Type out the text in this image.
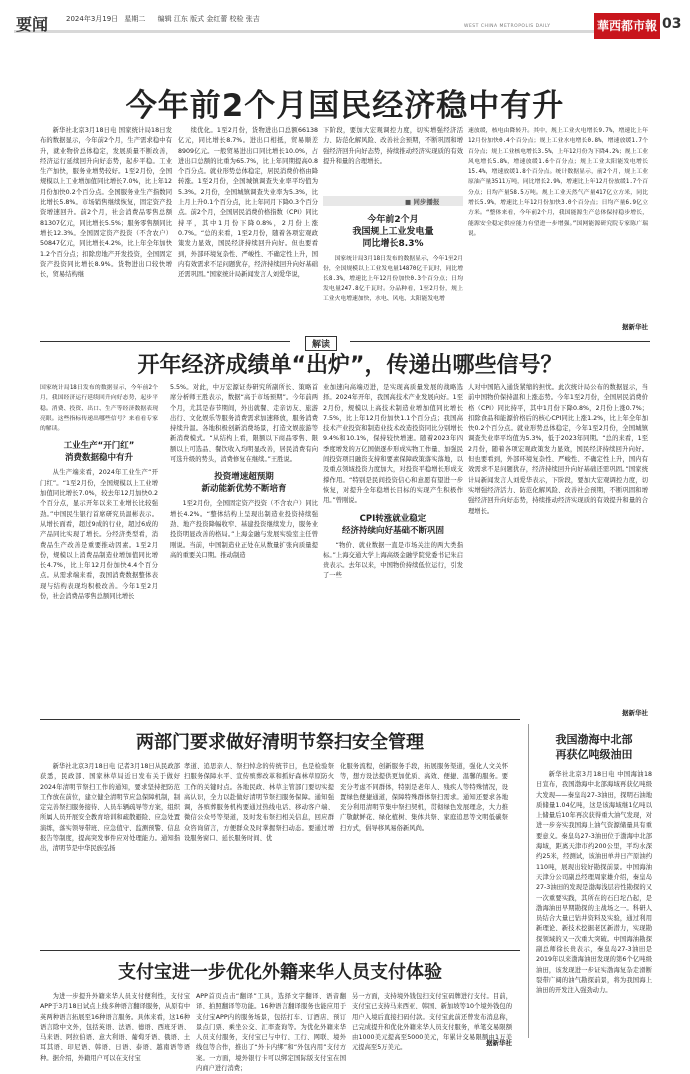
要闻	2024年3月19日 星期二 编辑 江东 版式 金红蕾 校检 张吉
WEST CHINA METROPOLIS DAILY	華西都市報 03
今年前2个月国民经济稳中有升

新华社北京3月18日电 国家统计局18日发布的数据显示，今年前2个月，生产需求稳中有升，就业物价总体稳定，发展质量不断改善，经济运行延续回升向好态势，起步平稳。工业生产加快，服务业增势较好。1至2月份，全国规模以上工业增加值同比增长7.0%，比上年12月份加快0.2个百分点。全国服务业生产指数同比增长5.8%。市场销售继续恢复，固定资产投资增速回升。前2个月，社会消费品零售总额81307亿元，同比增长5.5%；服务零售额同比增长12.3%。全国固定资产投资（不含农户）50847亿元，同比增长4.2%，比上年全年加快1.2个百分点；扣除房地产开发投资，全国固定资产投资同比增长8.9%。货物进出口较快增长，贸易结构继

续优化。1至2月份，货物进出口总额66138亿元，同比增长8.7%。进出口相抵，贸易顺差8909亿元。一般贸易进出口同比增长10.0%，占进出口总额的比重为65.7%，比上年同期提高0.8个百分点。就业形势总体稳定，居民消费价格由降转涨。1至2月份，全国城镇调查失业率平均值为5.3%。2月份，全国城镇调查失业率为5.3%，比上月上升0.1个百分点，比上年同月下降0.3个百分点。前2个月，全国居民消费价格指数（CPI）同比持平，其中1月份下降0.8%，2月份上涨0.7%。“总的来看，1至2月份，随着各项宏观政策发力显效，国民经济持续回升向好。但也要看到，外部环境复杂性、严峻性、不确定性上升，国内有效需求不足问题犹存，经济持续回升向好基础还需巩固。”国家统计局新闻发言人刘爱华说，

下阶段，要加大宏观调控力度，切实增强经济活力、防范化解风险、改善社会预期，不断巩固和增强经济回升向好态势，持续推动经济实现质的有效提升和量的合理增长。

■ 同步播报
今年前2个月
我国规上工业发电量
同比增长8.3%

国家统计局3月18日发布的数据显示，今年1至2月份，全国规模以上工业发电量14870亿千瓦时，同比增长8.3%，增速比上年12月份加快0.3个百分点；日均发电量247.8亿千瓦时。分品种看，1至2月份，规上工业火电增速加快，水电、风电、太阳能发电增

速放缓，核电由降转升。其中，规上工业火电增长9.7%，增速比上年12月份加快0.4个百分点；规上工业水电增长0.8%，增速放缓1.7个百分点；规上工业核电增长3.5%，上年12月份为下降4.2%；规上工业风电增长5.8%，增速放缓1.6个百分点；规上工业太阳能发电增长15.4%，增速放缓1.8个百分点。统计数据显示，前2个月，规上工业原油产量3511万吨，同比增长2.9%，增速比上年12月份放缓1.7个百分点；日均产量58.5万吨。规上工业天然气产量417亿立方米，同比增长5.9%，增速比上年12月份加快3.0个百分点；日均产量6.9亿立方米。“整体来看，今年前2个月，我国能源生产总体保持稳步增长，能源安全稳定供应能力有望进一步增强。”国网能源研究院专家陈广瑞说。

据新华社
解读
开年经济成绩单“出炉”，传递出哪些信号？

国家统计局18日发布的数据显示，今年前2个月，我国经济运行延续回升向好态势，起步平稳。消费、投资、出口、生产等经济数据表现亮眼。这些指标传递出哪些信号？来看看专家的解读。

工业生产“开门红”
消费数据稳中有升

从生产端来看，2024年工业生产“开门红”。“1至2月份，全国规模以上工业增加值同比增长7.0%，较去年12月加快0.2个百分点，显示开年以来工业增长比较强劲。”中国民生银行首席研究员温彬表示。从增长面看，超过9成的行业，超过6成的产品同比实现了增长。分经济类型看，消费品生产改善是重要推动因素。1至2月份，规模以上消费品制造业增加值同比增长4.7%，比上年12月份加快4.4个百分点。从需求端来看，我国消费数据整体表现与结构表现均积极改善。今年1至2月份，社会消费品零售总额同比增长

5.5%。对此，中万宏源证券研究所副所长、策略首席分析师王胜表示，数据“高于市场预期”。今年前两个月，尤其是春节期间，外出就餐、走亲访友、旅游出行、文化娱乐等服务消费需求加速释放，服务消费持续升温。各地积极创新消费场景，打造文娱旅游等新消费模式。“从结构上看，限额以下商品零售、限额以上可选品、餐饮收入均明显改善，居民消费有向可选升级的势头，消费修复在继续。”王胜说。

投资增速超预期
新动能新优势不断培育

1至2月份，全国固定资产投资（不含农户）同比增长4.2%。“整体结构上呈现出制造业投资持续强劲、地产投资降幅收窄、基建投资继续发力，服务业投资明显改善的格局。”上海金融与发展实验室主任曾刚说。当前，中国制造业正处在从数量扩张向质量提高的重要关口期。推动制造

业加速向高端迈进，是实现高质量发展的战略选择。2024年开年，我国高技术产业发展向好。1至2月份，规模以上高技术制造业增加值同比增长7.5%，比上年12月份加快1.1个百分点；我国高技术产业投资和制造业技术改造投资同比分别增长9.4%和10.1%，保持较快增速。随着2023年四季度增发的万亿国债逐步形成实物工作量、加强民间投资项目融资支持和要素保障政策落实落地，以及重点领域投资力度加大，对投资平稳增长形成支撑作用。“特别是民间投资信心和意愿有望进一步恢复，对提升全年稳增长目标的实现产生积极作用。”曾刚说。

CPI转涨就业稳定
经济持续向好基础不断巩固

“物价、就业数据一直是市场关注的两大类指标。”上海交通大学上海高级金融学院党委书记朱启贵表示。去年以来，中国物价持续低位运行，引发了一些

人对中国陷入通货紧缩的担忧。此次统计局公布的数据显示，当前中国物价保持温和上涨态势。今年1至2月份，全国居民消费价格（CPI）同比持平，其中1月份下降0.8%，2月份上涨0.7%；扣除食品和能源价格后的核心CPI同比上涨1.2%，比上年全年加快0.2个百分点。就业形势总体稳定，今年1至2月份，全国城镇调查失业率平均值为5.3%，低于2023年同期。“总的来看，1至2月份，随着各项宏观政策发力显效，国民经济持续回升向好。但也要看到，外部环境复杂性、严峻性、不确定性上升，国内有效需求不足问题犹存，经济持续回升向好基础还需巩固。”国家统计局新闻发言人刘爱华表示，下阶段，要加大宏观调控力度，切实增强经济活力、防范化解风险、改善社会预期，不断巩固和增强经济回升向好态势，持续推动经济实现质的有效提升和量的合理增长。

据新华社
两部门要求做好清明节祭扫安全管理

新华社北京3月18日电 记者3月18日从民政部获悉，民政部、国家林草局近日发布关于做好2024年清明节祭扫工作的通知，要求坚持把防范工作放在前位，建立健全清明节应急保障机制，制定完善祭扫服务接待、人员车辆疏导等方案，组织所属人员开展安全教育培训和疏散避险、应急处置演练，落实领导带班、应急值守、监测预警、信息报告等制度，提高突发事件应对处理能力。通知指出，清明节是中华民族弘扬

孝道、追思亲人、祭扫悼念的传统节日，也是检验祭扫服务保障水平、宣传殡葬改革和抓好森林草原防火工作的关键时点。各地民政、林草主管部门要切实提高认识，全力以赴做好清明节祭扫服务保障。通知强调，各殡葬服务机构要通过热线电话、移动客户端、微信公众号等渠道，及时发布祭扫相关信息，回应群众咨询留言，方便群众及时掌握祭扫动态。要通过增设服务窗口、延长服务时间、优

化服务流程，创新服务手段，拓展服务渠道，强化人文关怀等，想方设法提供更加优质、高效、便捷、温馨的服务。要充分考虑不同群体，特别是老年人、残疾人等特殊情况，设置绿色便捷通道，保障特殊群体祭扫需求。通知还要求各地充分利用清明节集中祭扫契机，贯彻绿色发展理念，大力推广敬献鲜花、绿化植树、集体共祭、家庭追思等文明低碳祭扫方式，倡导移风易俗新风尚。

我国渤海中北部
再获亿吨级油田

新华社北京3月18日电 中国海油18日宣布，我国渤海中北部海域再获亿吨级大发现——秦皇岛27-3油田，探明石油地质储量1.04亿吨，这是该海域继1亿吨以上储量后10年再次获得重大油气发现，对进一步夯实我国海上油气资源储量具有重要意义。秦皇岛27-3油田位于渤海中北部海域，距离天津市约200公里，平均水深约25米，经测试，该油田单井日产原油约110吨，展现出较好勘探前景。中国海油天津分公司副总经理周家雄介绍，秦皇岛27-3油田的发现是渤海浅层岩性勘探的又一次重要实践，其所在的石臼坨凸起，是渤海油田早期勘探的主战场之一。科研人员结合大量已钻井资料及实验，通过利用新理论、新技术挖掘老区新潜力，实现勘探领域的又一次重大突破。中国海油勘探副总师徐长贵表示，秦皇岛27-3油田是2019年以来渤海油田发现的第6个亿吨级油田，该发现进一步证实渤海复杂走滑断裂带广阔的油气勘探前景，将为我国海上油田的开发注入强劲动力。

支付宝进一步优化外籍来华人员支付体验

为进一步提升外籍来华人员支付便利性，支付宝APP于3月18日试点上线多种语言翻译服务，从原有中英两种语言拓展至16种语言服务。具体来看，这16种语言除中文外，包括英语、法语、德语、西班牙语、马来语、阿拉伯语、意大利语、葡萄牙语、俄语、土耳其语、印尼语、韩语、日语、泰语、越南语等语种。据介绍，外籍用户可以在支付宝

APP首页点击“翻译”工具，选择文字翻译、语音翻译、拍照翻译等功能。16种语言翻译服务也能应用于支付宝APP内的服务场景，包括打车、订酒店、预订景点门票、乘坐公交、汇率查询等。为优化外籍来华人员支付服务，支付宝已与中行、工行、网联、境外线包等合作，推出了“外卡内绑”和“外包内用”支付方案。一方面，境外银行卡可以绑定国际版支付宝在国内商户进行消费；

另一方面，支持境外钱包扫支付宝码牌进行支付。目前，支付宝已支持马来西亚、韩国、新加坡等10个境外钱包的用户入境后直接扫码付款。支付宝此前还曾发布消息称，已完成提升和优化外籍来华人员支付服务，单笔交易限额由1000美元提高至5000美元，年累计交易限额由1万美元提高至5万美元。

据新华社
